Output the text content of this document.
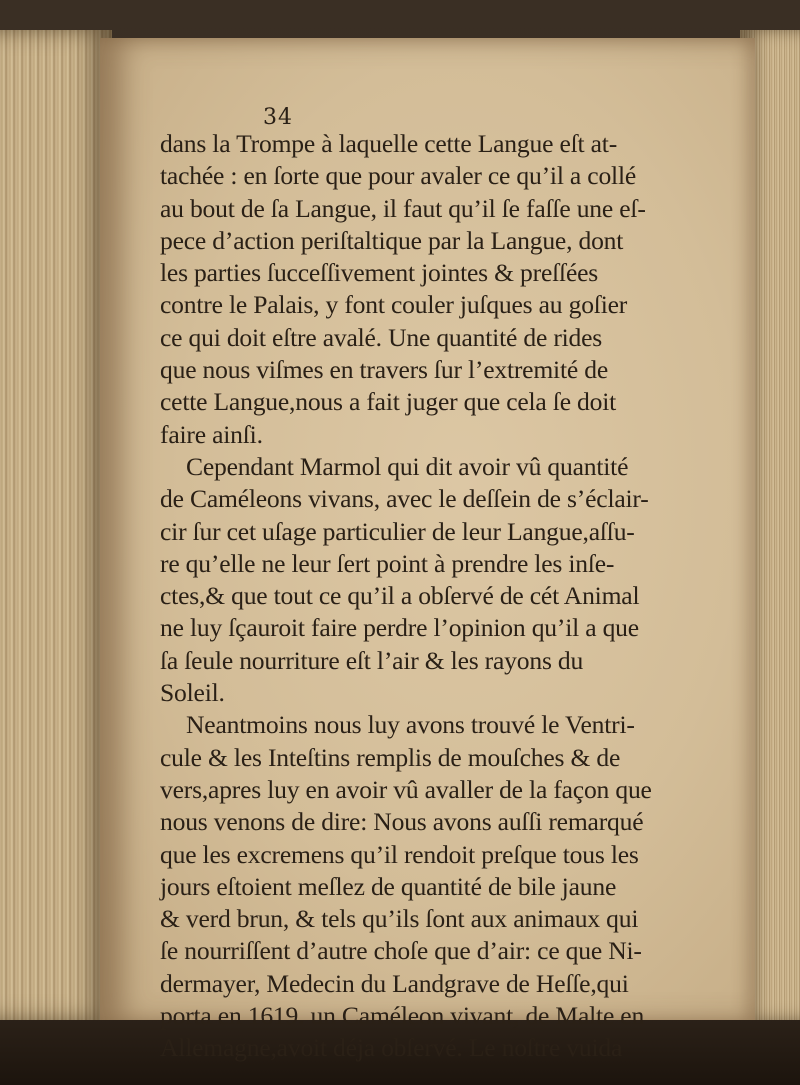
34
dans la Trompe à laquelle cette Langue eſt at-
tachée : en ſorte que pour avaler ce qu’il a collé
au bout de ſa Langue, il faut qu’il ſe faſſe une eſ-
pece d’action periſtaltique par la Langue, dont
les parties ſucceſſivement jointes & preſſées
contre le Palais, y font couler juſques au goſier
ce qui doit eſtre avalé. Une quantité de rides
que nous viſmes en travers ſur l’extremité de
cette Langue,nous a fait juger que cela ſe doit
faire ainſi.
Cependant Marmol qui dit avoir vû quantité
de Caméleons vivans, avec le deſſein de s’éclair-
cir ſur cet uſage particulier de leur Langue,aſſu-
re qu’elle ne leur ſert point à prendre les inſe-
ctes,& que tout ce qu’il a obſervé de cét Animal
ne luy ſçauroit faire perdre l’opinion qu’il a que
ſa ſeule nourriture eſt l’air & les rayons du
Soleil.
Neantmoins nous luy avons trouvé le Ventri-
cule & les Inteſtins remplis de mouſches & de
vers,apres luy en avoir vû avaller de la façon que
nous venons de dire: Nous avons auſſi remarqué
que les excremens qu’il rendoit preſque tous les
jours eſtoient meſlez de quantité de bile jaune
& verd brun, & tels qu’ils ſont aux animaux qui
ſe nourriſſent d’autre choſe que d’air: ce que Ni-
dermayer, Medecin du Landgrave de Heſſe,qui
porta en 1619. un Caméleon vivant, de Malte en
Allemagne,avoit déja obſervé. Le noſtre vuida
